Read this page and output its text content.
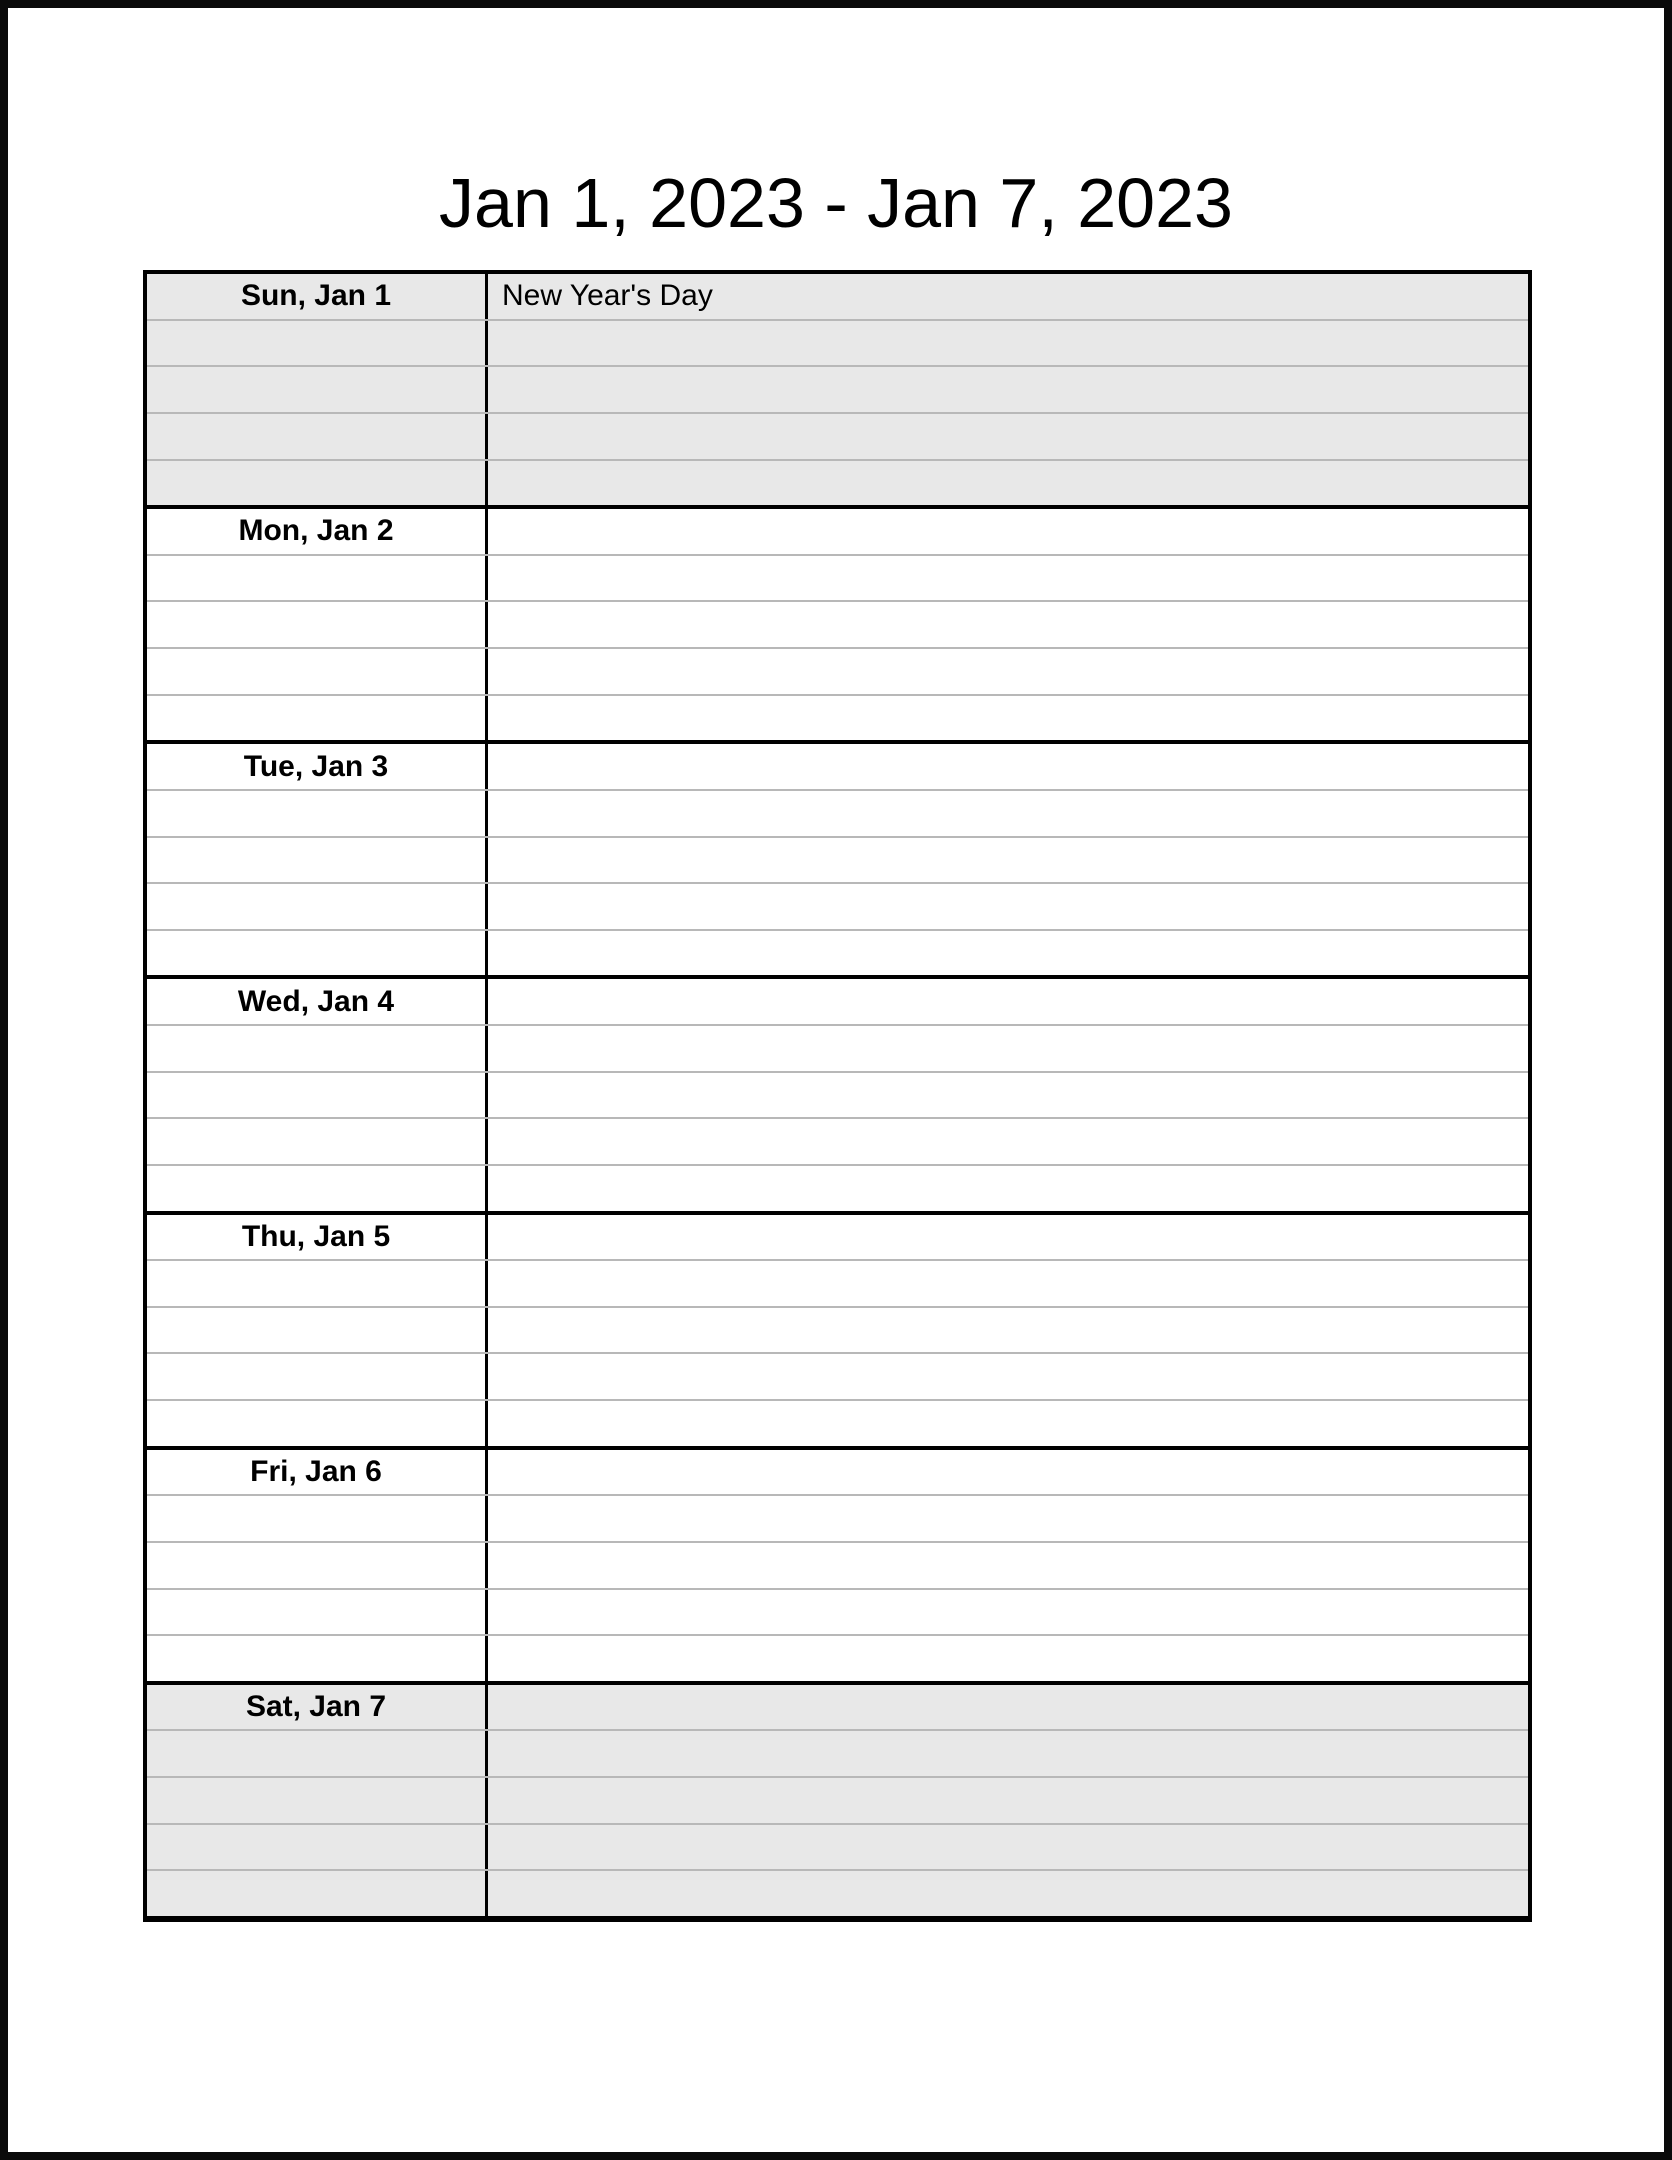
Jan 1, 2023 - Jan 7, 2023
Sun, Jan 1	New Year's Day
Mon, Jan 2
Tue, Jan 3
Wed, Jan 4
Thu, Jan 5
Fri, Jan 6
Sat, Jan 7
